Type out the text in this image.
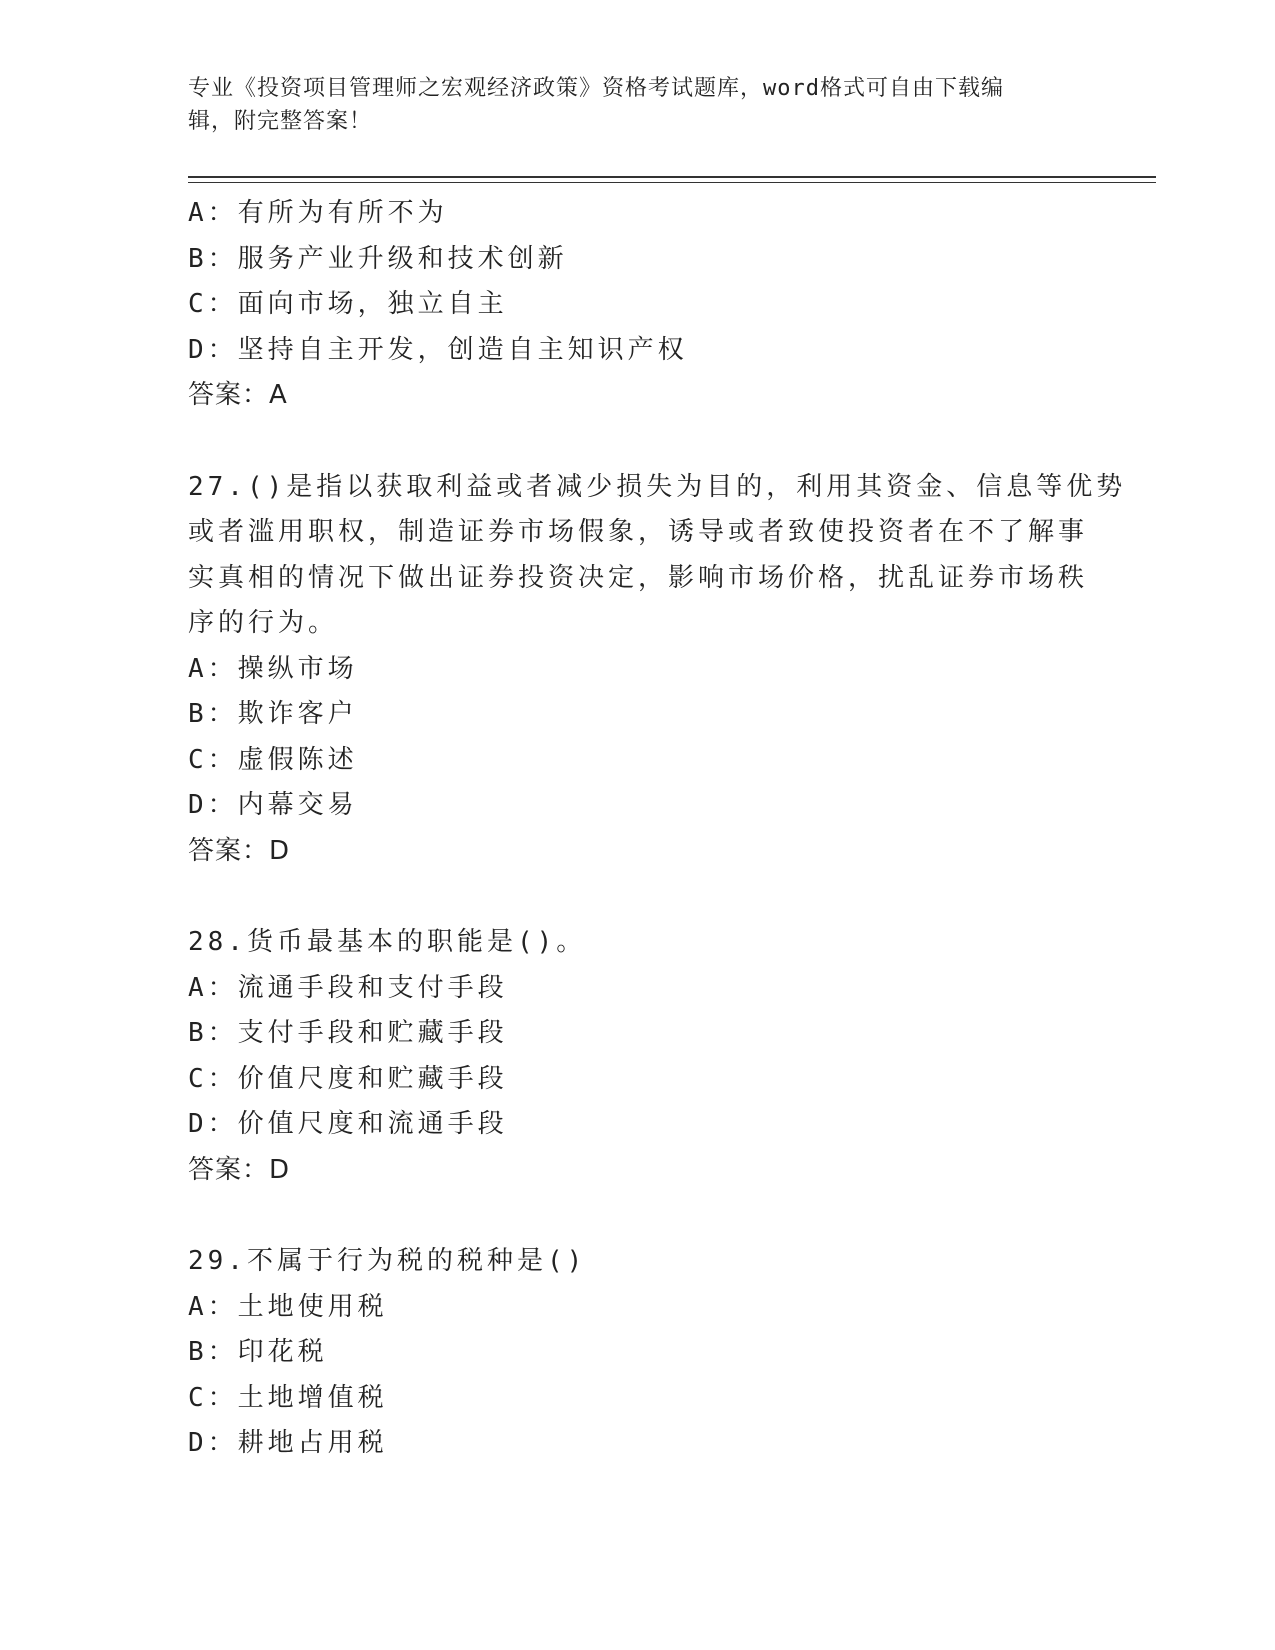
专业《投资项目管理师之宏观经济政策》资格考试题库，word格式可自由下载编
辑，附完整答案！
A：有所为有所不为
B：服务产业升级和技术创新
C：面向市场，独立自主
D：坚持自主开发，创造自主知识产权
答案：A
27.()是指以获取利益或者减少损失为目的，利用其资金、信息等优势
或者滥用职权，制造证券市场假象，诱导或者致使投资者在不了解事
实真相的情况下做出证券投资决定，影响市场价格，扰乱证券市场秩
序的行为。
A：操纵市场
B：欺诈客户
C：虚假陈述
D：内幕交易
答案：D
28.货币最基本的职能是()。
A：流通手段和支付手段
B：支付手段和贮藏手段
C：价值尺度和贮藏手段
D：价值尺度和流通手段
答案：D
29.不属于行为税的税种是()
A：土地使用税
B：印花税
C：土地增值税
D：耕地占用税
